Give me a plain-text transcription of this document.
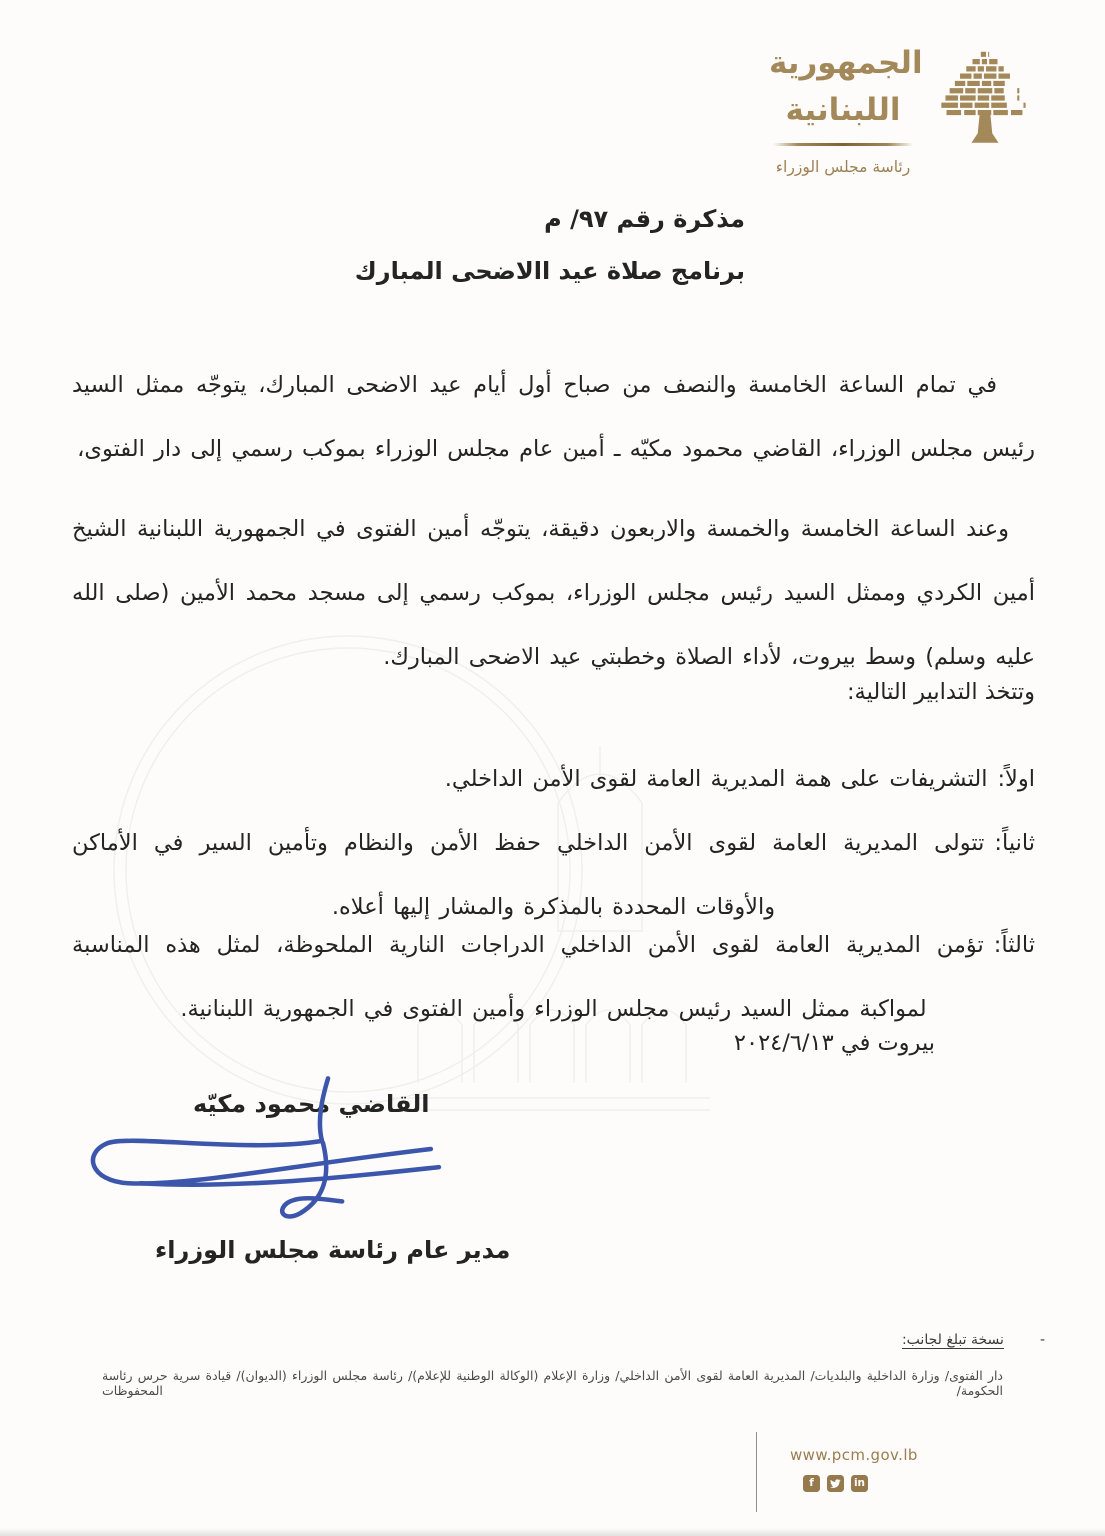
الجمهورية
اللبنانية
رئاسة مجلس الوزراء
مذكرة رقم ٩٧/ م
برنامج صلاة عيد االاضحى المبارك

في تمام الساعة الخامسة والنصف من صباح أول أيام عيد الاضحى المبارك، يتوجّه ممثل السيد رئيس مجلس الوزراء، القاضي محمود مكيّه ـ أمين عام مجلس الوزراء بموكب رسمي إلى دار الفتوى،

وعند الساعة الخامسة والخمسة والاربعون دقيقة، يتوجّه أمين الفتوى في الجمهورية اللبنانية الشيخ أمين الكردي وممثل السيد رئيس مجلس الوزراء، بموكب رسمي إلى مسجد محمد الأمين (صلى الله عليه وسلم) وسط بيروت، لأداء الصلاة وخطبتي عيد الاضحى المبارك.

وتتخذ التدابير التالية:

اولاً:التشريفات على همة المديرية العامة لقوى الأمن الداخلي.

ثانياً:تتولى المديرية العامة لقوى الأمن الداخلي حفظ الأمن والنظام وتأمين السير في الأماكن والأوقات المحددة بالمذكرة والمشار إليها أعلاه.

ثالثاً:تؤمن المديرية العامة لقوى الأمن الداخلي الدراجات النارية الملحوظة، لمثل هذه المناسبة لمواكبة ممثل السيد رئيس مجلس الوزراء وأمين الفتوى في الجمهورية اللبنانية.

بيروت في ٢٠٢٤/٦/١٣
القاضي محمود مكيّه
مدير عام رئاسة مجلس الوزراء
-
نسخة تبلغ لجانب:
دار الفتوى/ وزارة الداخلية والبلديات/ المديرية العامة لقوى الأمن الداخلي/ وزارة الإعلام (الوكالة الوطنية للإعلام)/ رئاسة مجلس الوزراء (الديوان)/ قيادة سرية حرس رئاسة الحكومة/ المحفوظات
www.pcm.gov.lb
f	in
